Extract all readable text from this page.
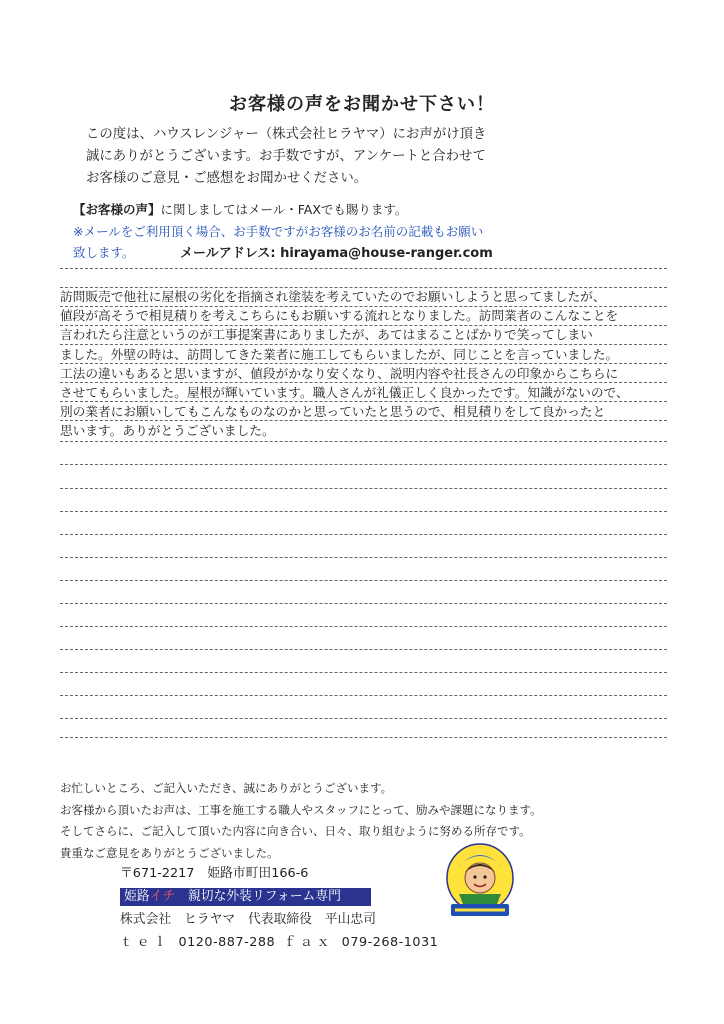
お客様の声をお聞かせ下さい！
この度は、ハウスレンジャー（株式会社ヒラヤマ）にお声がけ頂き
誠にありがとうございます。お手数ですが、アンケートと合わせて
お客様のご意見・ご感想をお聞かせください。
【お客様の声】に関しましてはメール・FAXでも賜ります。
※メールをご利用頂く場合、お手数ですがお客様のお名前の記載もお願い
致します。	メールアドレス: hirayama@house-ranger.com
訪問販売で他社に屋根の劣化を指摘され塗装を考えていたのでお願いしようと思ってましたが、
値段が高そうで相見積りを考えこちらにもお願いする流れとなりました。訪問業者のこんなことを
言われたら注意というのが工事提案書にありましたが、あてはまることばかりで笑ってしまい
ました。外壁の時は、訪問してきた業者に施工してもらいましたが、同じことを言っていました。
工法の違いもあると思いますが、値段がかなり安くなり、説明内容や社長さんの印象からこちらに
させてもらいました。屋根が輝いています。職人さんが礼儀正しく良かったです。知識がないので、
別の業者にお願いしてもこんなものなのかと思っていたと思うので、相見積りをして良かったと
思います。ありがとうございました。
お忙しいところ、ご記入いただき、誠にありがとうございます。
お客様から頂いたお声は、工事を施工する職人やスタッフにとって、励みや課題になります。
そしてさらに、ご記入して頂いた内容に向き合い、日々、取り組むように努める所存です。
貴重なご意見をありがとうございました。
〒671-2217　姫路市町田166-6
姫路イチ　親切な外装リフォーム専門
株式会社　ヒラヤマ　代表取締役　平山忠司
ｔｅｌ 0120-887-288 ｆａｘ 079-268-1031
